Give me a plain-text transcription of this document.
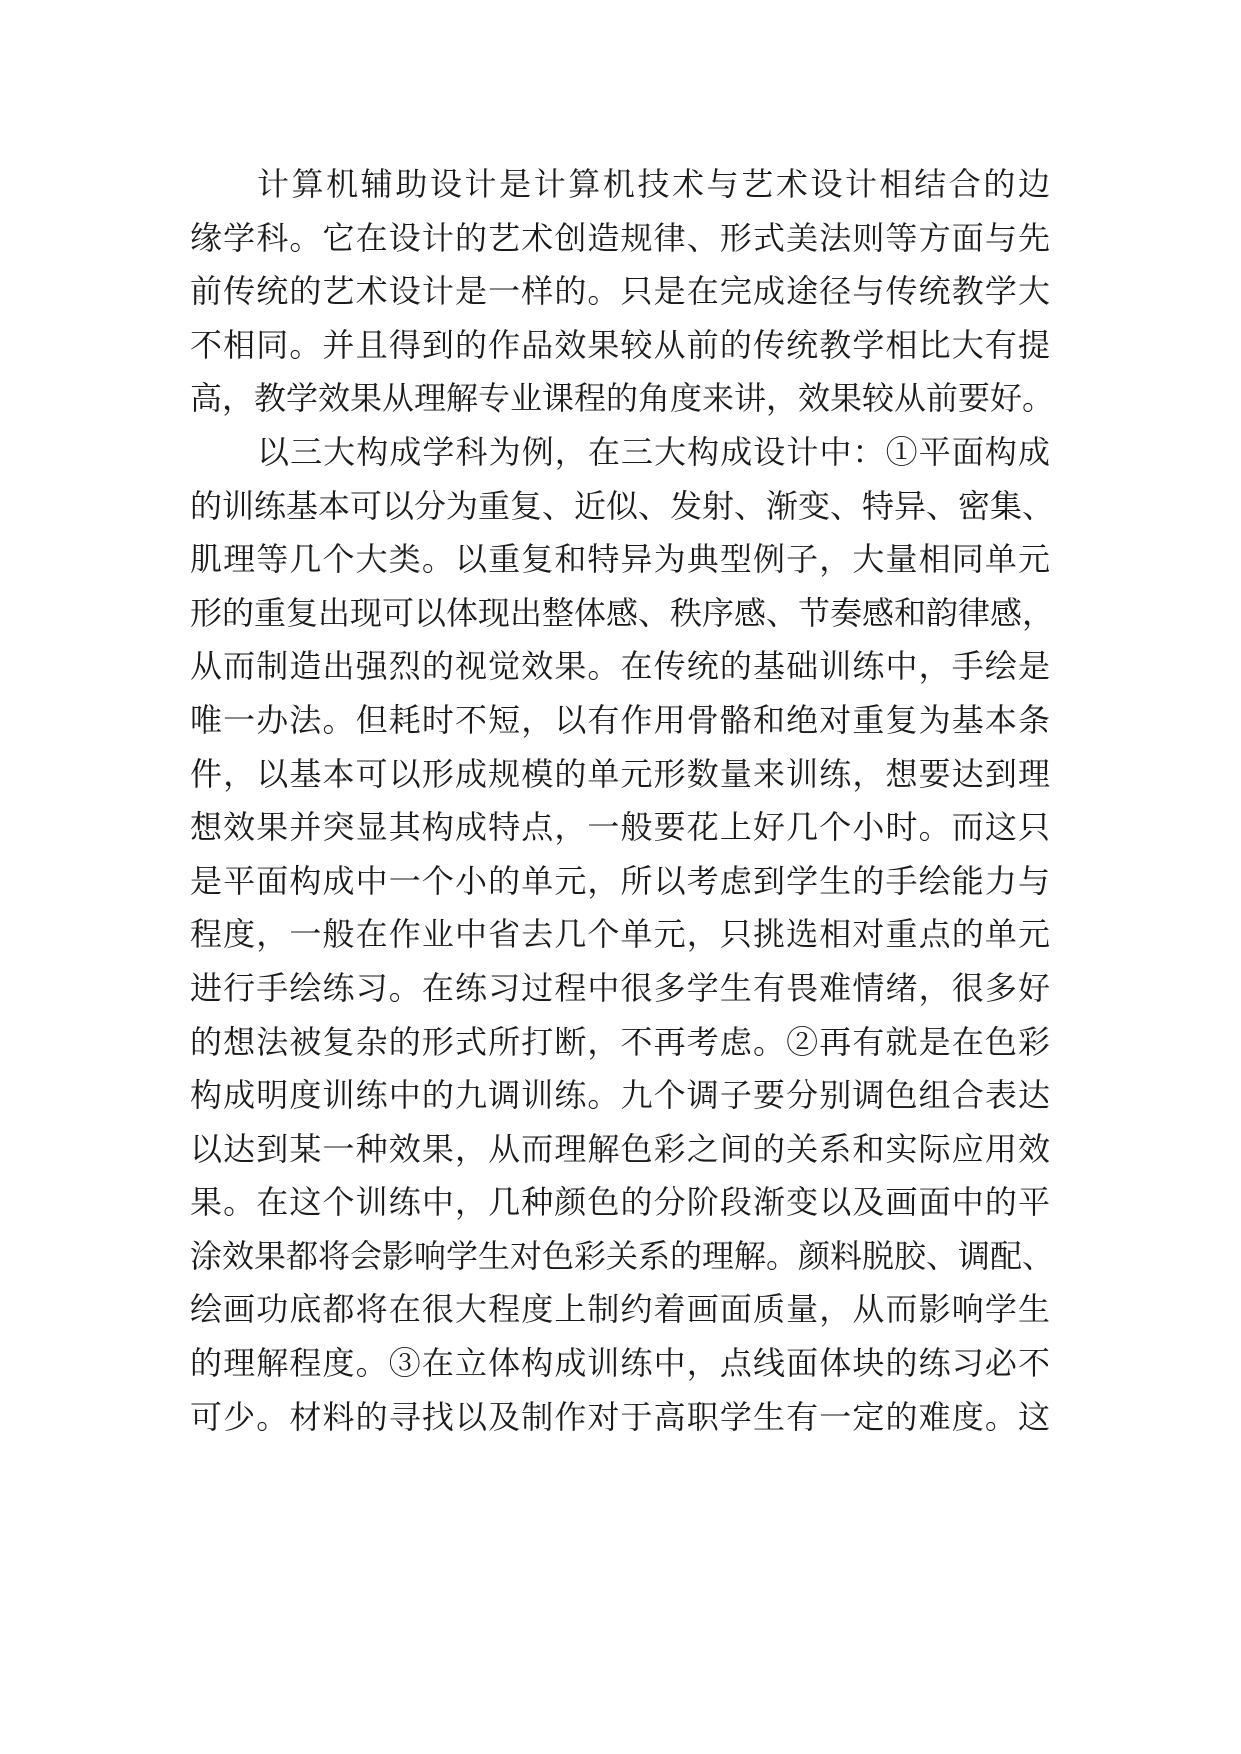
计算机辅助设计是计算机技术与艺术设计相结合的边
缘学科。它在设计的艺术创造规律、形式美法则等方面与先
前传统的艺术设计是一样的。只是在完成途径与传统教学大
不相同。并且得到的作品效果较从前的传统教学相比大有提
高，教学效果从理解专业课程的角度来讲，效果较从前要好。
以三大构成学科为例，在三大构成设计中：①平面构成
的训练基本可以分为重复、近似、发射、渐变、特异、密集、
肌理等几个大类。以重复和特异为典型例子，大量相同单元
形的重复出现可以体现出整体感、秩序感、节奏感和韵律感，
从而制造出强烈的视觉效果。在传统的基础训练中，手绘是
唯一办法。但耗时不短，以有作用骨骼和绝对重复为基本条
件，以基本可以形成规模的单元形数量来训练，想要达到理
想效果并突显其构成特点，一般要花上好几个小时。而这只
是平面构成中一个小的单元，所以考虑到学生的手绘能力与
程度，一般在作业中省去几个单元，只挑选相对重点的单元
进行手绘练习。在练习过程中很多学生有畏难情绪，很多好
的想法被复杂的形式所打断，不再考虑。②再有就是在色彩
构成明度训练中的九调训练。九个调子要分别调色组合表达
以达到某一种效果，从而理解色彩之间的关系和实际应用效
果。在这个训练中，几种颜色的分阶段渐变以及画面中的平
涂效果都将会影响学生对色彩关系的理解。颜料脱胶、调配、
绘画功底都将在很大程度上制约着画面质量，从而影响学生
的理解程度。③在立体构成训练中，点线面体块的练习必不
可少。材料的寻找以及制作对于高职学生有一定的难度。这
